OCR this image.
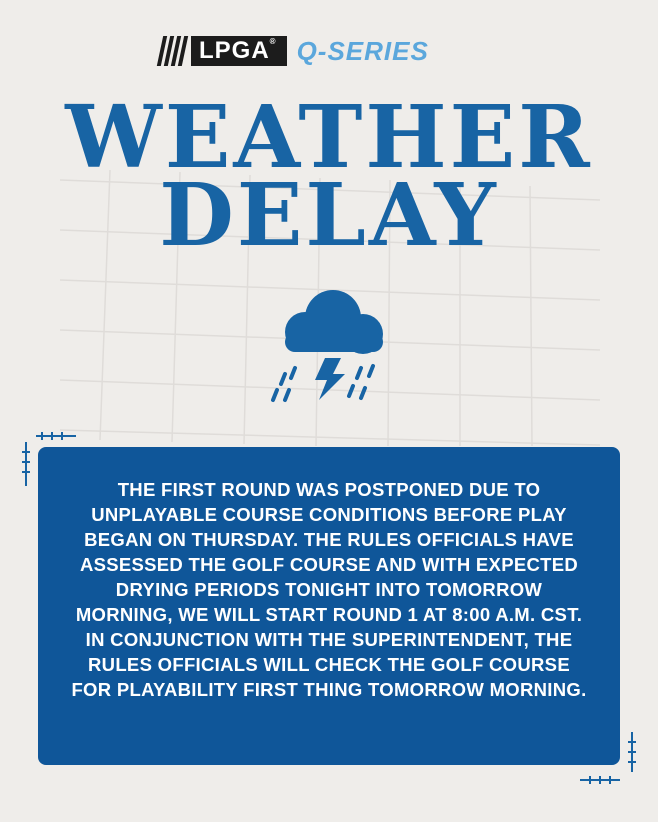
LPGA® Q-SERIES
WEATHER
DELAY
THE FIRST ROUND WAS POSTPONED DUE TO UNPLAYABLE COURSE CONDITIONS BEFORE PLAY BEGAN ON THURSDAY. THE RULES OFFICIALS HAVE ASSESSED THE GOLF COURSE AND WITH EXPECTED DRYING PERIODS TONIGHT INTO TOMORROW MORNING, WE WILL START ROUND 1 AT 8:00 A.M. CST. IN CONJUNCTION WITH THE SUPERINTENDENT, THE RULES OFFICIALS WILL CHECK THE GOLF COURSE FOR PLAYABILITY FIRST THING TOMORROW MORNING.
